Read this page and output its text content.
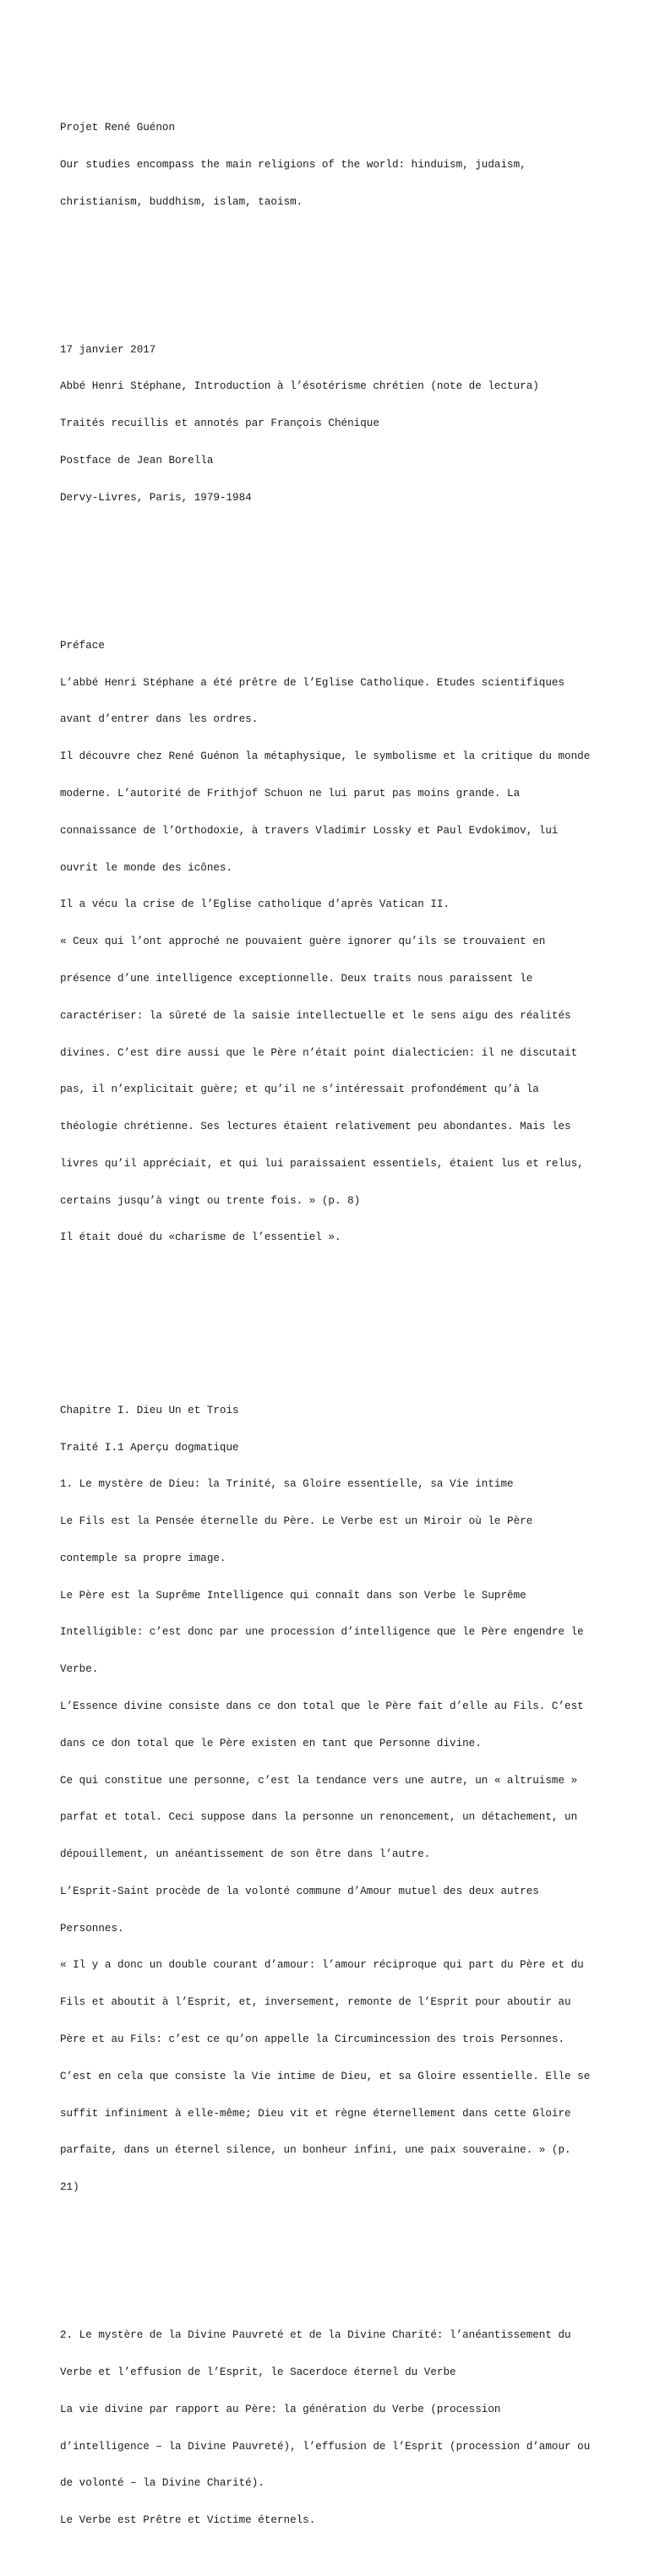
Projet René Guénon

Our studies encompass the main religions of the world: hinduism, judaism,

christianism, buddhism, islam, taoism.

17 janvier 2017

Abbé Henri Stéphane, Introduction à l’ésotérisme chrétien (note de lectura)

Traités recuillis et annotés par François Chénique

Postface de Jean Borella

Dervy-Livres, Paris, 1979-1984

Préface

L’abbé Henri Stéphane a été prêtre de l’Eglise Catholique. Etudes scientifiques

avant d’entrer dans les ordres.

Il découvre chez René Guénon la métaphysique, le symbolisme et la critique du monde

moderne. L’autorité de Frithjof Schuon ne lui parut pas moins grande. La

connaissance de l’Orthodoxie, à travers Vladimir Lossky et Paul Evdokimov, lui

ouvrit le monde des icônes.

Il a vécu la crise de l’Eglise catholique d’après Vatican II.

« Ceux qui l’ont approché ne pouvaient guère ignorer qu’ils se trouvaient en

présence d’une intelligence exceptionnelle. Deux traits nous paraissent le

caractériser: la sûreté de la saisie intellectuelle et le sens aigu des réalités

divines. C’est dire aussi que le Père n’était point dialecticien: il ne discutait

pas, il n’explicitait guère; et qu’il ne s’intéressait profondément qu’à la

théologie chrétienne. Ses lectures étaient relativement peu abondantes. Mais les

livres qu’il appréciait, et qui lui paraissaient essentiels, étaient lus et relus,

certains jusqu’à vingt ou trente fois. » (p. 8)

Il était doué du «charisme de l’essentiel ».

Chapitre I. Dieu Un et Trois

Traité I.1 Aperçu dogmatique

1. Le mystère de Dieu: la Trinité, sa Gloire essentielle, sa Vie intime

Le Fils est la Pensée éternelle du Père. Le Verbe est un Miroir où le Père

contemple sa propre image.

Le Père est la Suprême Intelligence qui connaît dans son Verbe le Suprême

Intelligible: c’est donc par une procession d’intelligence que le Père engendre le

Verbe.

L’Essence divine consiste dans ce don total que le Père fait d’elle au Fils. C’est

dans ce don total que le Père existen en tant que Personne divine.

Ce qui constitue une personne, c’est la tendance vers une autre, un « altruisme »

parfat et total. Ceci suppose dans la personne un renoncement, un détachement, un

dépouillement, un anéantissement de son être dans l’autre.

L’Esprit-Saint procède de la volonté commune d’Amour mutuel des deux autres

Personnes.

« Il y a donc un double courant d’amour: l’amour réciproque qui part du Père et du

Fils et aboutit à l’Esprit, et, inversement, remonte de l’Esprit pour aboutir au

Père et au Fils: c’est ce qu’on appelle la Circumincession des trois Personnes.

C’est en cela que consiste la Vie intime de Dieu, et sa Gloire essentielle. Elle se

suffit infiniment à elle-même; Dieu vit et règne éternellement dans cette Gloire

parfaite, dans un éternel silence, un bonheur infini, une paix souveraine. » (p.

21)

2. Le mystère de la Divine Pauvreté et de la Divine Charité: l’anéantissement du

Verbe et l’effusion de l’Esprit, le Sacerdoce éternel du Verbe

La vie divine par rapport au Père: la génération du Verbe (procession

d’intelligence – la Divine Pauvreté), l’effusion de l’Esprit (procession d’amour ou

de volonté – la Divine Charité).

Le Verbe est Prêtre et Victime éternels.
